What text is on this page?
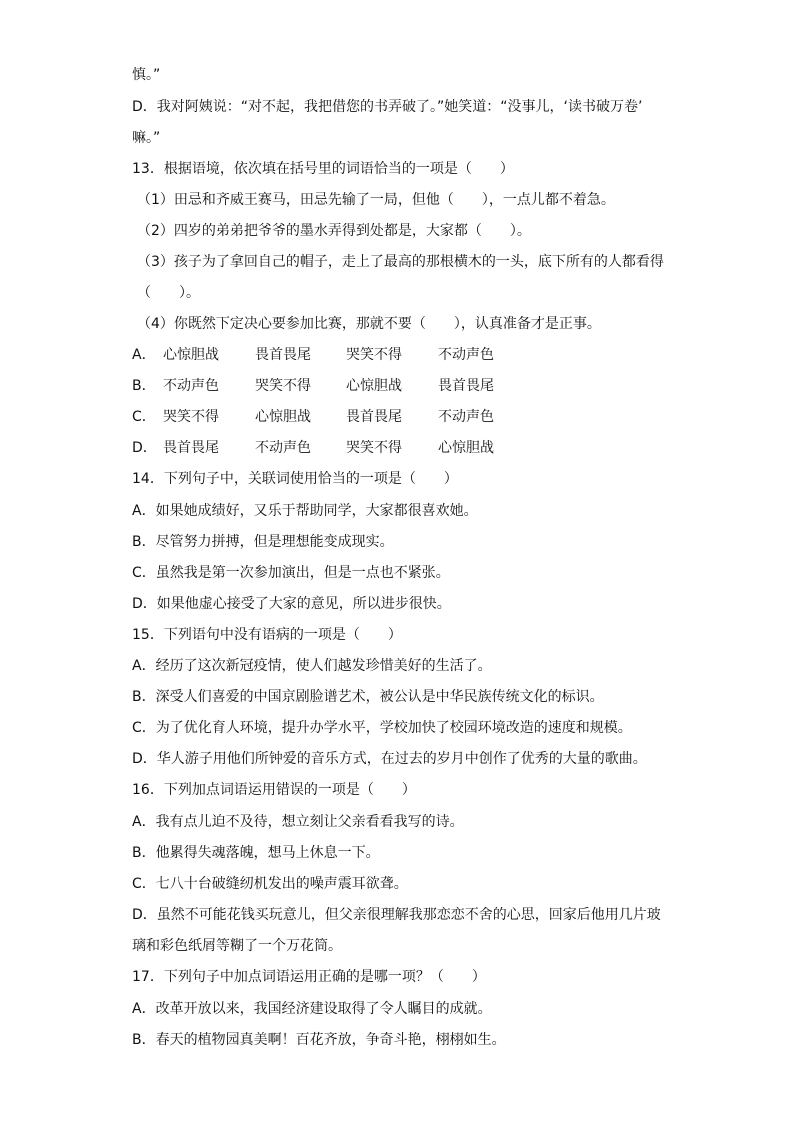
慎。”
D．我对阿姨说：“对不起，我把借您的书弄破了。”她笑道：“没事儿，‘读书破万卷’
嘛。”
13．根据语境，依次填在括号里的词语恰当的一项是（　　）
（1）田忌和齐威王赛马，田忌先输了一局，但他（　　），一点儿都不着急。
（2）四岁的弟弟把爷爷的墨水弄得到处都是，大家都（　　）。
（3）孩子为了拿回自己的帽子，走上了最高的那根横木的一头，底下所有的人都看得
（　　）。
（4）你既然下定决心要参加比赛，那就不要（　　），认真准备才是正事。
A． 心惊胆战	畏首畏尾	哭笑不得	不动声色
B． 不动声色	哭笑不得	心惊胆战	畏首畏尾
C． 哭笑不得	心惊胆战	畏首畏尾	不动声色
D． 畏首畏尾	不动声色	哭笑不得	心惊胆战
14．下列句子中，关联词使用恰当的一项是（　　）
A．如果她成绩好，又乐于帮助同学，大家都很喜欢她。
B．尽管努力拼搏，但是理想能变成现实。
C．虽然我是第一次参加演出，但是一点也不紧张。
D．如果他虚心接受了大家的意见，所以进步很快。
15．下列语句中没有语病的一项是（　　）
A．经历了这次新冠疫情，使人们越发珍惜美好的生活了。
B．深受人们喜爱的中国京剧脸谱艺术，被公认是中华民族传统文化的标识。
C．为了优化育人环境，提升办学水平，学校加快了校园环境改造的速度和规模。
D．华人游子用他们所钟爱的音乐方式，在过去的岁月中创作了优秀的大量的歌曲。
16．下列加点词语运用错误的一项是（　　）
A．我有点儿迫不及待，想立刻让父亲看看我写的诗。
B．他累得失魂落魄，想马上休息一下。
C．七八十台破缝纫机发出的噪声震耳欲聋。
D．虽然不可能花钱买玩意儿，但父亲很理解我那恋恋不舍的心思，回家后他用几片玻
璃和彩色纸屑等糊了一个万花筒。
17．下列句子中加点词语运用正确的是哪一项？（　　）
A．改革开放以来，我国经济建设取得了令人瞩目的成就。
B．春天的植物园真美啊！百花齐放，争奇斗艳，栩栩如生。
